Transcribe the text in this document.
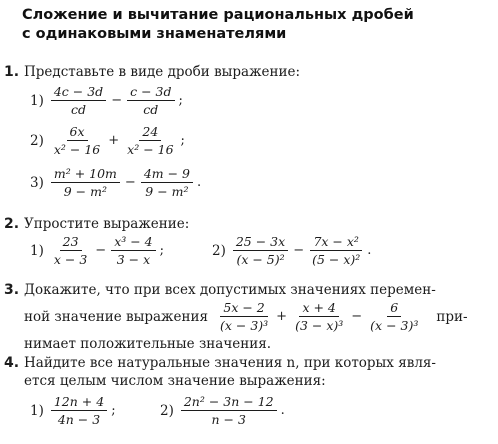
Сложение и вычитание рациональных дробей
с одинаковыми знаменателями
1. Представьте в виде дроби выражение:
$1) \frac{4c - 3d}{cd} - \frac{c - 3d}{cd}$ ;
$2) \frac{6x}{\text{x² − 16}} + \frac{24}{\text{x² − 16}}$ ;
$3) \frac{\text{m² + 10m}}{\text{9 − m²}} - \frac{4m - 9}{\text{9 − m²}}$ .
2. Упростите выражение:
$1) \frac{23}{x - 3} - \frac{\text{x³ − 4}}{3 - x}$ ;	$2) \frac{25 - 3x}{\text{(x − 5)²}} - \frac{\text{7x − x²}}{\text{(5 − x)²}}$ .
3. Докажите, что при всех допустимых значениях перемен-
ной значение выражения $\frac{5x - 2}{\text{(x − 3)³}} + \frac{x + 4}{\text{(3 − x)³}} - \frac{6}{\text{(x − 3)³}} при-$
нимает положительные значения.
4. Найдите все натуральные значения n, при которых явля-
ется целым числом значение выражения:
$1) \frac{12n + 4}{4n - 3}$ ;	$2) \frac{\text{2n² − 3n − 12}}{n - 3}$ .
